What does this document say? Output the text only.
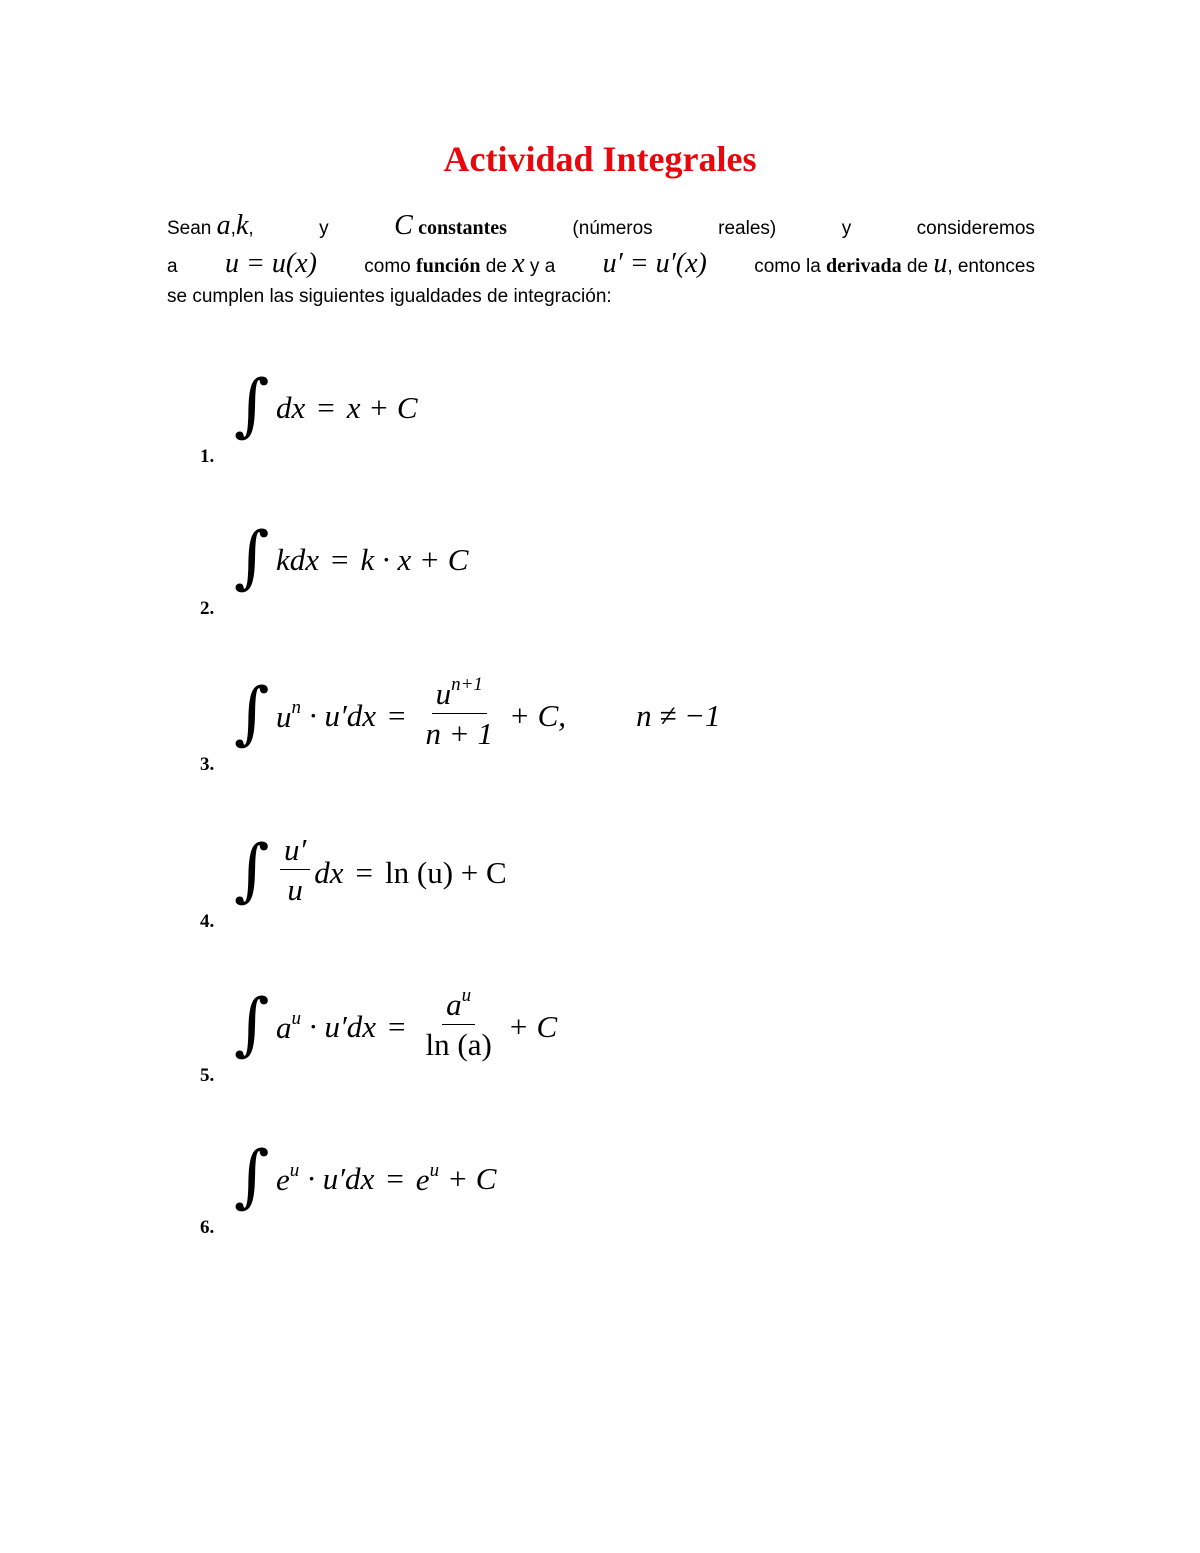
Actividad Integrales
Sean a,k,	y C constantes	(números	reales)	y	consideremos
a u = u(x) como función de x y a u′ = u′(x) como la derivada de u, entonces
se cumplen las siguientes igualdades de integración:
1.
∫ dx = x + C
2.
∫ kdx = k · x + C
3.
∫ $u^n \cdot u'dx = \frac{u^{n+1}}{n + 1} + C$, n ≠ −1
4.
∫ $\frac{u'}{u}$ dx = ln (u) + C
5.
∫ $a^u \cdot u'dx = \frac{a^u}{\ln (a)} + C$
6.
∫ $e^u \cdot u'dx = e^u + C$
